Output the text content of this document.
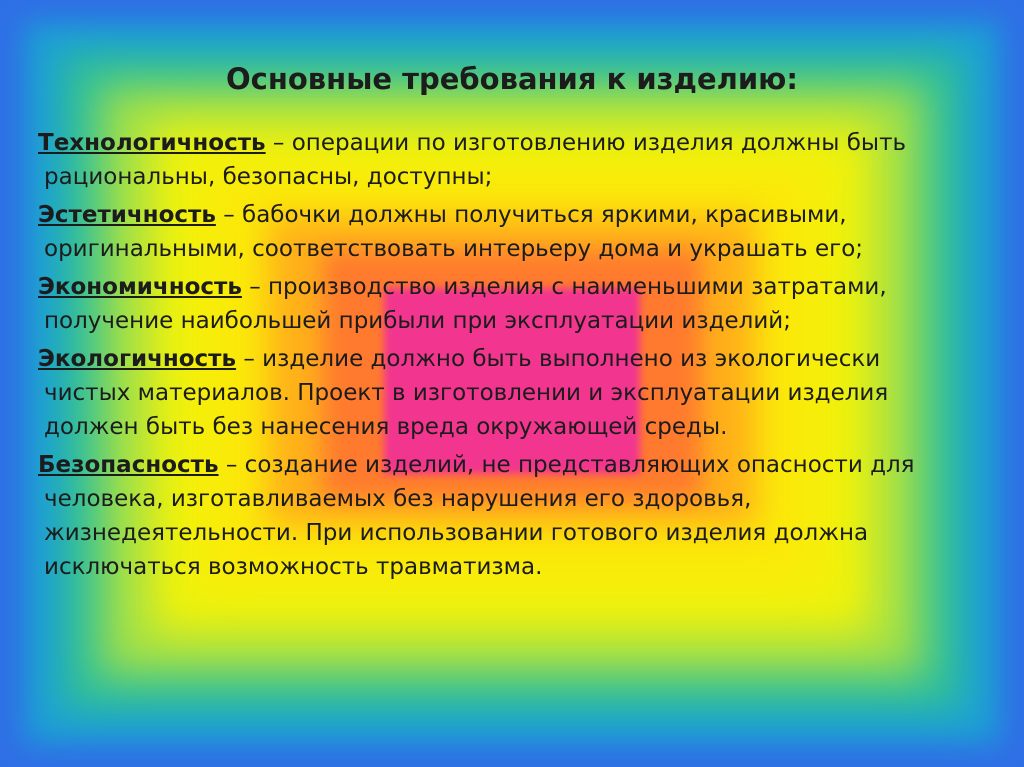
Основные требования к изделию:
Технологичность – операции по изготовлению изделия должны быть
рациональны, безопасны, доступны;
Эстетичность – бабочки должны получиться яркими, красивыми,
оригинальными, соответствовать интерьеру дома и украшать его;
Экономичность – производство изделия с наименьшими затратами,
получение наибольшей прибыли при эксплуатации изделий;
Экологичность – изделие должно быть выполнено из экологически
чистых материалов. Проект в изготовлении и эксплуатации изделия
должен быть без нанесения вреда окружающей среды.
Безопасность – создание изделий, не представляющих опасности для
человека, изготавливаемых без нарушения его здоровья,
жизнедеятельности. При использовании готового изделия должна
исключаться возможность травматизма.
